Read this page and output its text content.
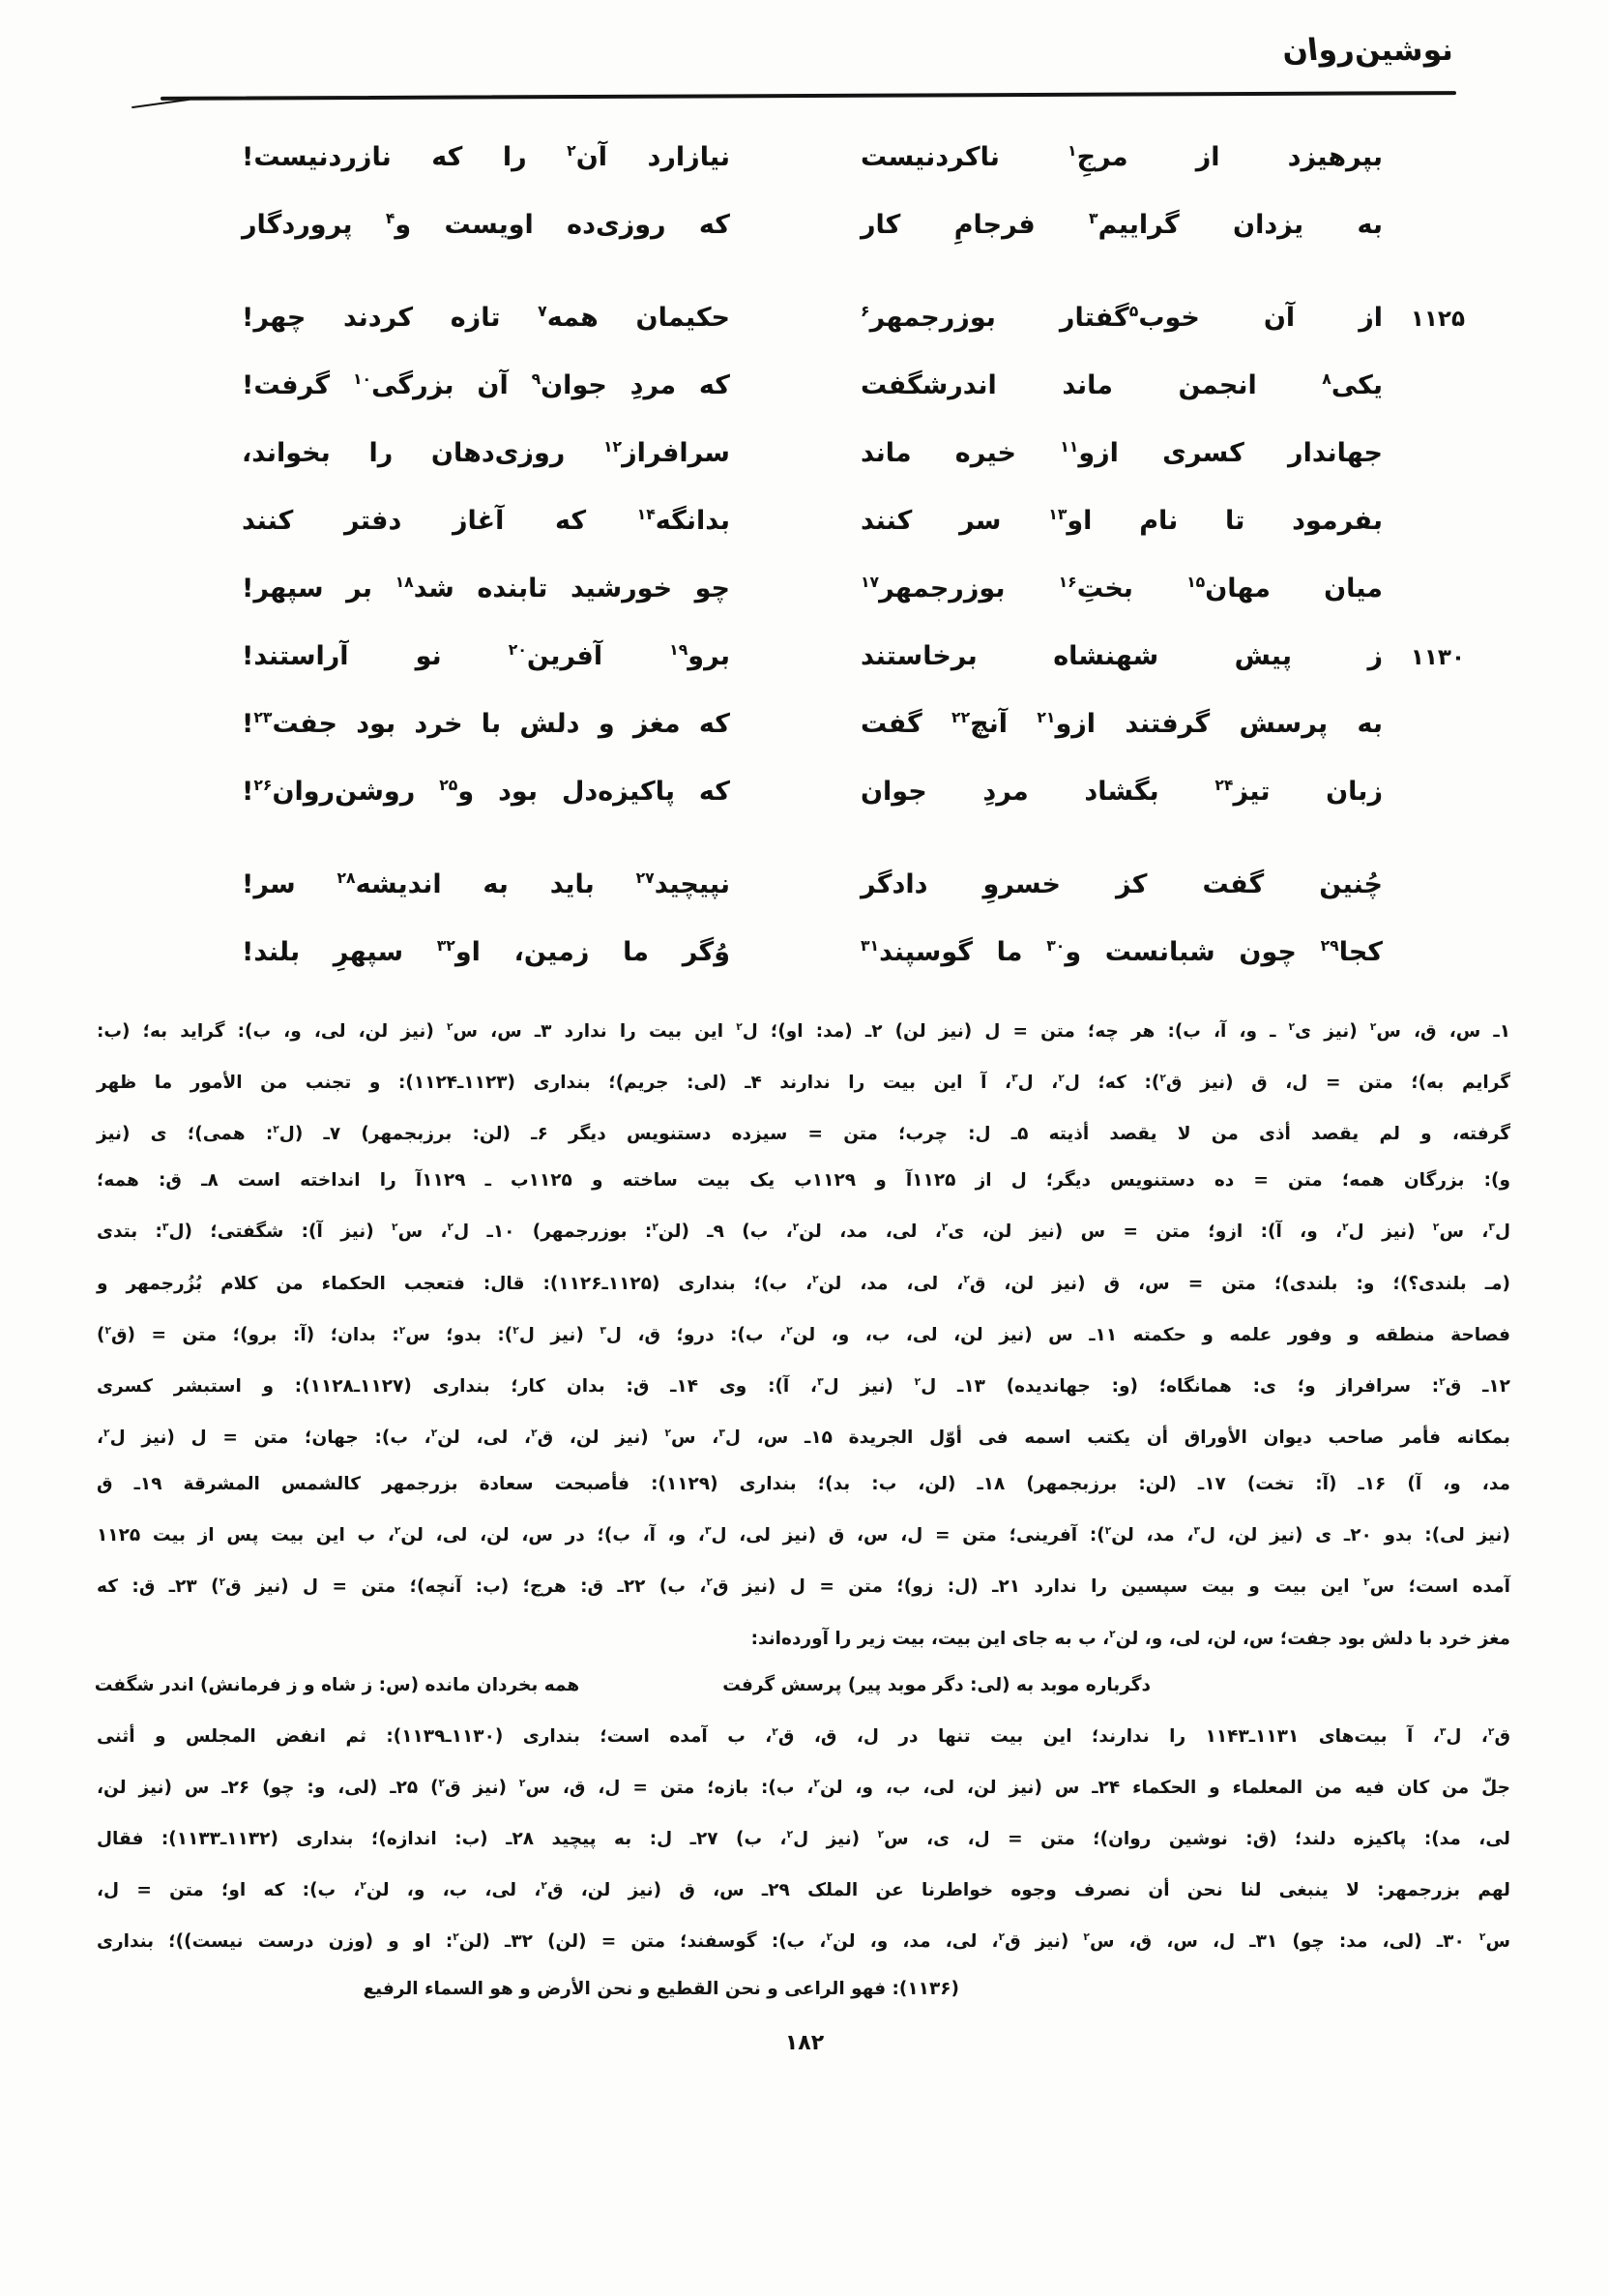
نوشین‌روان
بپرهیزد از مرجِ$^۱$ ناکردنیست
نیازارد آن$^۲$ را که نازردنیست!
به یزدان گراییم$^۳$ فرجامِ کار
که روزی‌ده اویست و$^۴$ پروردگار
۱۱۲۵
از آن خوب$^۵$گفتار بوزرجمهر$^۶$
حکیمان همه$^۷$ تازه کردند چهر!
یکی$^۸$ انجمن ماند اندرشگفت
که مردِ جوان$^۹$ آن بزرگی$^{۱۰}$ گرفت!
جهاندار کسری ازو$^{۱۱}$ خیره ماند
سرافراز$^{۱۲}$ روزی‌دهان را بخواند،
بفرمود تا نام او$^{۱۳}$ سر کنند
بدانگه$^{۱۴}$ که آغاز دفتر کنند
میان مهان$^{۱۵}$ بختِ$^{۱۶}$ بوزرجمهر$^{۱۷}$
چو خورشید تابنده شد$^{۱۸}$ بر سپهر!
۱۱۳۰
ز پیش شهنشاه برخاستند
برو$^{۱۹}$ آفرین$^{۲۰}$ نو آراستند!
به پرسش گرفتند ازو$^{۲۱}$ آنچ$^{۲۲}$ گفت
که مغز و دلش با خرد بود جفت$^{۲۳}$!
زبان تیز$^{۲۴}$ بگشاد مردِ جوان
که پاکیزه‌دل بود و$^{۲۵}$ روشن‌روان$^{۲۶}$!
چُنین گفت کز خسروِ دادگر
نپیچید$^{۲۷}$ باید به اندیشه$^{۲۸}$ سر!
کجا$^{۲۹}$ چون شبانست و$^{۳۰}$ ما گوسپند$^{۳۱}$
وُگر ما زمین، او$^{۳۲}$ سپهرِ بلند!
۱ـ س، ق، س$^۲$ (نیز ی$^۲$ ـ و، آ، ب): هر چه؛ متن = ل (نیز لن) ۲ـ (مد: او)؛ ل$^۲$ این بیت را ندارد ۳ـ س، س$^۲$ (نیز لن، لی، و، ب): گراید به؛ (ب:
گرایم به)؛ متن = ل، ق (نیز ق$^۲$): که؛ ل$^۲$، ل$^۳$، آ این بیت را ندارند ۴ـ (لی: جریم)؛ بنداری (۱۱۲۳ـ۱۱۲۴): و تجنب من الأمور ما ظهر
گرفته، و لم یقصد أذی من لا یقصد أذیته ۵ـ ل: چرب؛ متن = سیزده دستنویس دیگر ۶ـ (لن: برزبجمهر) ۷ـ (ل$^۲$: همی)؛ ی (نیز
و): بزرگان همه؛ متن = ده دستنویس دیگر؛ ل از ۱۱۲۵آ و ۱۱۲۹ب یک بیت ساخته و ۱۱۲۵ب ـ ۱۱۲۹آ را انداخته است ۸ـ ق: همه؛
ل$^۳$، س$^۲$ (نیز ل$^۲$، و، آ): ازو؛ متن = س (نیز لن، ی$^۲$، لی، مد، لن$^۲$، ب) ۹ـ (لن$^۲$: بوزرجمهر) ۱۰ـ ل$^۲$، س$^۲$ (نیز آ): شگفتی؛ (ل$^۳$: بتدی
(مـ بلندی؟)؛ و: بلندی)؛ متن = س، ق (نیز لن، ق$^۲$، لی، مد، لن$^۲$، ب)؛ بنداری (۱۱۲۵ـ۱۱۲۶): قال: فتعجب الحکماء من کلام بُزُرجمهر و
فصاحة منطقه و وفور علمه و حکمته ۱۱ـ س (نیز لن، لی، ب، و، لن$^۲$، ب): درو؛ ق، ل$^۳$ (نیز ل$^۲$): بدو؛ س$^۲$: بدان؛ (آ: برو)؛ متن = (ق$^۲$)
۱۲ـ ق$^۲$: سرافراز و؛ ی: همانگاه؛ (و: جهاندیده) ۱۳ـ ل$^۲$ (نیز ل$^۳$، آ): وی ۱۴ـ ق: بدان کار؛ بنداری (۱۱۲۷ـ۱۱۲۸): و استبشر کسری
بمکانه فأمر صاحب دیوان الأوراق أن یکتب اسمه فی أوّل الجریدة ۱۵ـ س، ل$^۳$، س$^۲$ (نیز لن، ق$^۲$، لی، لن$^۲$، ب): جهان؛ متن = ل (نیز ل$^۲$،
مد، و، آ) ۱۶ـ (آ: تخت) ۱۷ـ (لن: برزبجمهر) ۱۸ـ (لن، ب: بد)؛ بنداری (۱۱۲۹): فأصبحت سعادة بزرجمهر کالشمس المشرقة ۱۹ـ ق
(نیز لی): بدو ۲۰ـ ی (نیز لن، ل$^۳$، مد، لن$^۲$): آفرینی؛ متن = ل، س، ق (نیز لی، ل$^۳$، و، آ، ب)؛ در س، لن، لی، لن$^۲$، ب این بیت پس از بیت ۱۱۲۵
آمده است؛ س$^۲$ این بیت و بیت سپسین را ندارد ۲۱ـ (ل: زو)؛ متن = ل (نیز ق$^۲$، ب) ۲۲ـ ق: هرج؛ (ب: آنچه)؛ متن = ل (نیز ق$^۲$) ۲۳ـ ق: که
مغز خرد با دلش بود جفت؛ س، لن، لی، و، لن$^۲$، ب به جای این بیت، بیت زیر را آورده‌اند:
دگرباره موبد به (لی: دگر موبد پیر) پرسش گرفت
همه بخردان مانده (س: ز شاه و ز فرمانش) اندر شگفت
ق$^۲$، ل$^۳$، آ بیت‌های ۱۱۳۱ـ۱۱۴۳ را ندارند؛ این بیت تنها در ل، ق، ق$^۲$، ب آمده است؛ بنداری (۱۱۳۰ـ۱۱۳۹): ثم انفض المجلس و أثنی
جلّ من کان فیه من المعلماء و الحکماء ۲۴ـ س (نیز لن، لی، ب، و، لن$^۲$، ب): بازه؛ متن = ل، ق، س$^۲$ (نیز ق$^۲$) ۲۵ـ (لی، و: چو) ۲۶ـ س (نیز لن،
لی، مد): پاکیزه دلند؛ (ق: نوشین روان)؛ متن = ل، ی، س$^۲$ (نیز ل$^۲$، ب) ۲۷ـ ل: به پیچید ۲۸ـ (ب: اندازه)؛ بنداری (۱۱۳۲ـ۱۱۳۳): فقال
لهم بزرجمهر: لا ینبغی لنا نحن أن نصرف وجوه خواطرنا عن الملک ۲۹ـ س، ق (نیز لن، ق$^۲$، لی، ب، و، لن$^۲$، ب): که او؛ متن = ل،
س$^۲$ ۳۰ـ (لی، مد: چو) ۳۱ـ ل، س، ق، س$^۲$ (نیز ق$^۲$، لی، مد، و، لن$^۲$، ب): گوسفند؛ متن = (لن) ۳۲ـ (لن$^۲$: او و (وزن درست نیست))؛ بنداری
(۱۱۳۶): فهو الراعی و نحن القطیع و نحن الأرض و هو السماء الرفیع
۱۸۲
